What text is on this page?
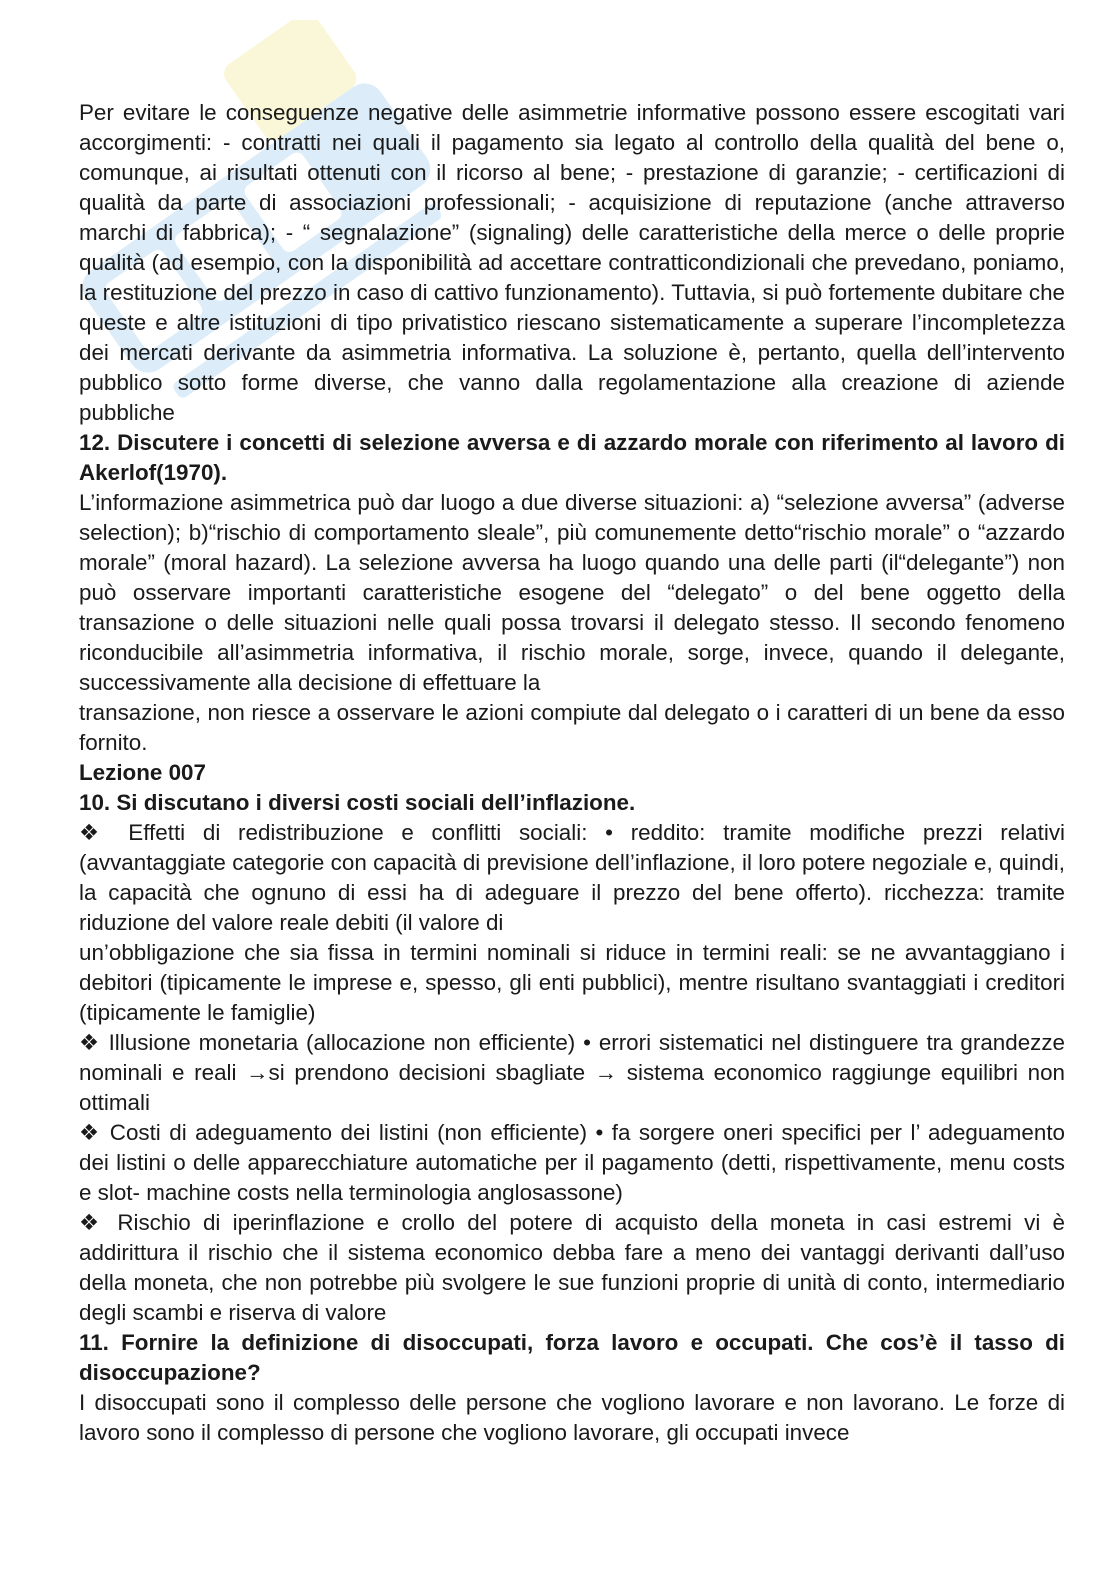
Per evitare le conseguenze negative delle asimmetrie informative possono essere escogitati vari accorgimenti: - contratti nei quali il pagamento sia legato al controllo della qualità del bene o, comunque, ai risultati ottenuti con il ricorso al bene; - prestazione di garanzie; - certificazioni di qualità da parte di associazioni professionali; - acquisizione di reputazione (anche attraverso marchi di fabbrica); - “ segnalazione” (signaling) delle caratteristiche della merce o delle proprie qualità (ad esempio, con la disponibilità ad accettare contratticondizionali che prevedano, poniamo, la restituzione del prezzo in caso di cattivo funzionamento). Tuttavia, si può fortemente dubitare che queste e altre istituzioni di tipo privatistico riescano sistematicamente a superare l’incompletezza dei mercati derivante da asimmetria informativa. La soluzione è, pertanto, quella dell’intervento pubblico sotto forme diverse, che vanno dalla regolamentazione alla creazione di aziende pubbliche

12. Discutere i concetti di selezione avversa e di azzardo morale con riferimento al lavoro di Akerlof(1970).

L’informazione asimmetrica può dar luogo a due diverse situazioni: a) “selezione avversa” (adverse selection); b)“rischio di comportamento sleale”, più comunemente detto“rischio morale” o “azzardo morale” (moral hazard). La selezione avversa ha luogo quando una delle parti (il“delegante”) non può osservare importanti caratteristiche esogene del “delegato” o del bene oggetto della transazione o delle situazioni nelle quali possa trovarsi il delegato stesso. Il secondo fenomeno riconducibile all’asimmetria informativa, il rischio morale, sorge, invece, quando il delegante, successivamente alla decisione di effettuare la

transazione, non riesce a osservare le azioni compiute dal delegato o i caratteri di un bene da esso fornito.

Lezione 007
10. Si discutano i diversi costi sociali dell’inflazione.

❖ Effetti di redistribuzione e conflitti sociali: • reddito: tramite modifiche prezzi relativi (avvantaggiate categorie con capacità di previsione dell’inflazione, il loro potere negoziale e, quindi, la capacità che ognuno di essi ha di adeguare il prezzo del bene offerto). ricchezza: tramite riduzione del valore reale debiti (il valore di

un’obbligazione che sia fissa in termini nominali si riduce in termini reali: se ne avvantaggiano i debitori (tipicamente le imprese e, spesso, gli enti pubblici), mentre risultano svantaggiati i creditori (tipicamente le famiglie)

❖ Illusione monetaria (allocazione non efficiente) • errori sistematici nel distinguere tra grandezze nominali e reali →si prendono decisioni sbagliate → sistema economico raggiunge equilibri non ottimali

❖ Costi di adeguamento dei listini (non efficiente) • fa sorgere oneri specifici per l’ adeguamento dei listini o delle apparecchiature automatiche per il pagamento (detti, rispettivamente, menu costs e slot- machine costs nella terminologia anglosassone)

❖ Rischio di iperinflazione e crollo del potere di acquisto della moneta in casi estremi vi è addirittura il rischio che il sistema economico debba fare a meno dei vantaggi derivanti dall’uso della moneta, che non potrebbe più svolgere le sue funzioni proprie di unità di conto, intermediario degli scambi e riserva di valore

11. Fornire la definizione di disoccupati, forza lavoro e occupati. Che cos’è il tasso di disoccupazione?

I disoccupati sono il complesso delle persone che vogliono lavorare e non lavorano. Le forze di lavoro sono il complesso di persone che vogliono lavorare, gli occupati invece
